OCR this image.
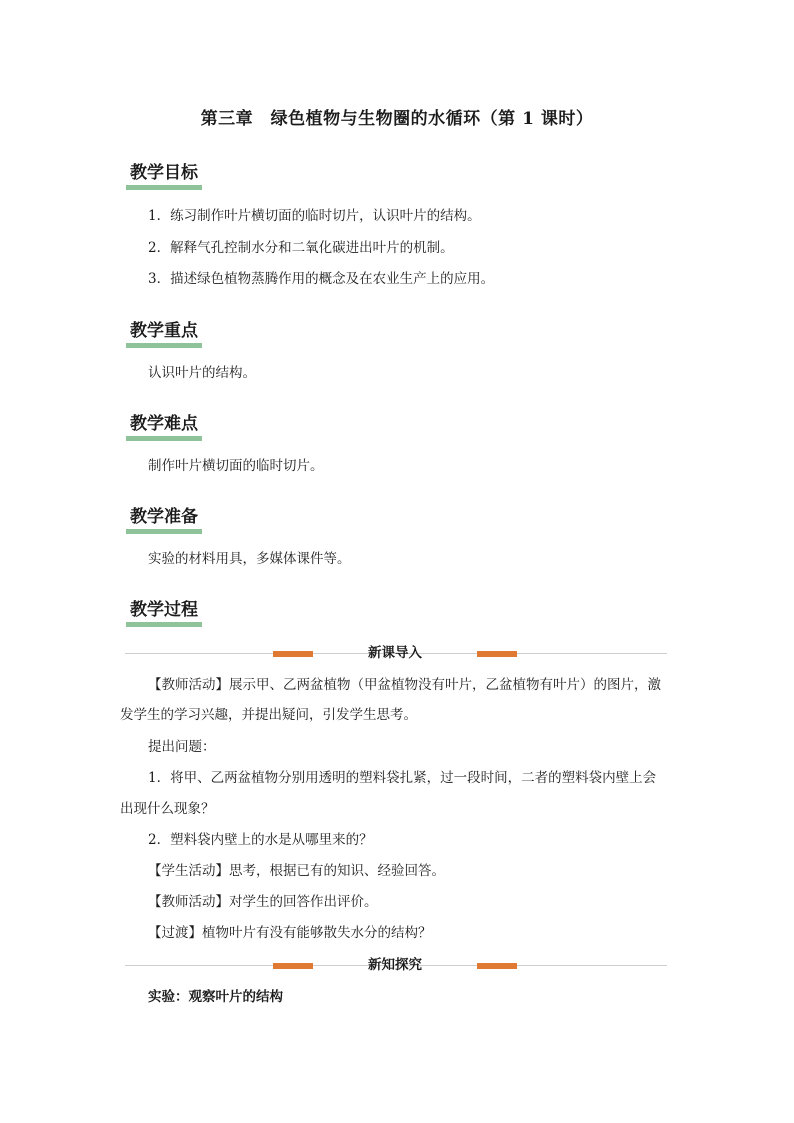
第三章　绿色植物与生物圈的水循环（第 1 课时）
教学目标
1．练习制作叶片横切面的临时切片，认识叶片的结构。
2．解释气孔控制水分和二氧化碳进出叶片的机制。
3．描述绿色植物蒸腾作用的概念及在农业生产上的应用。
教学重点
认识叶片的结构。
教学难点
制作叶片横切面的临时切片。
教学准备
实验的材料用具，多媒体课件等。
教学过程
新课导入
【教师活动】展示甲、乙两盆植物（甲盆植物没有叶片，乙盆植物有叶片）的图片，激
发学生的学习兴趣，并提出疑问，引发学生思考。
提出问题：
1．将甲、乙两盆植物分别用透明的塑料袋扎紧，过一段时间，二者的塑料袋内壁上会
出现什么现象？
2．塑料袋内壁上的水是从哪里来的？
【学生活动】思考，根据已有的知识、经验回答。
【教师活动】对学生的回答作出评价。
【过渡】植物叶片有没有能够散失水分的结构？
新知探究
实验：观察叶片的结构
